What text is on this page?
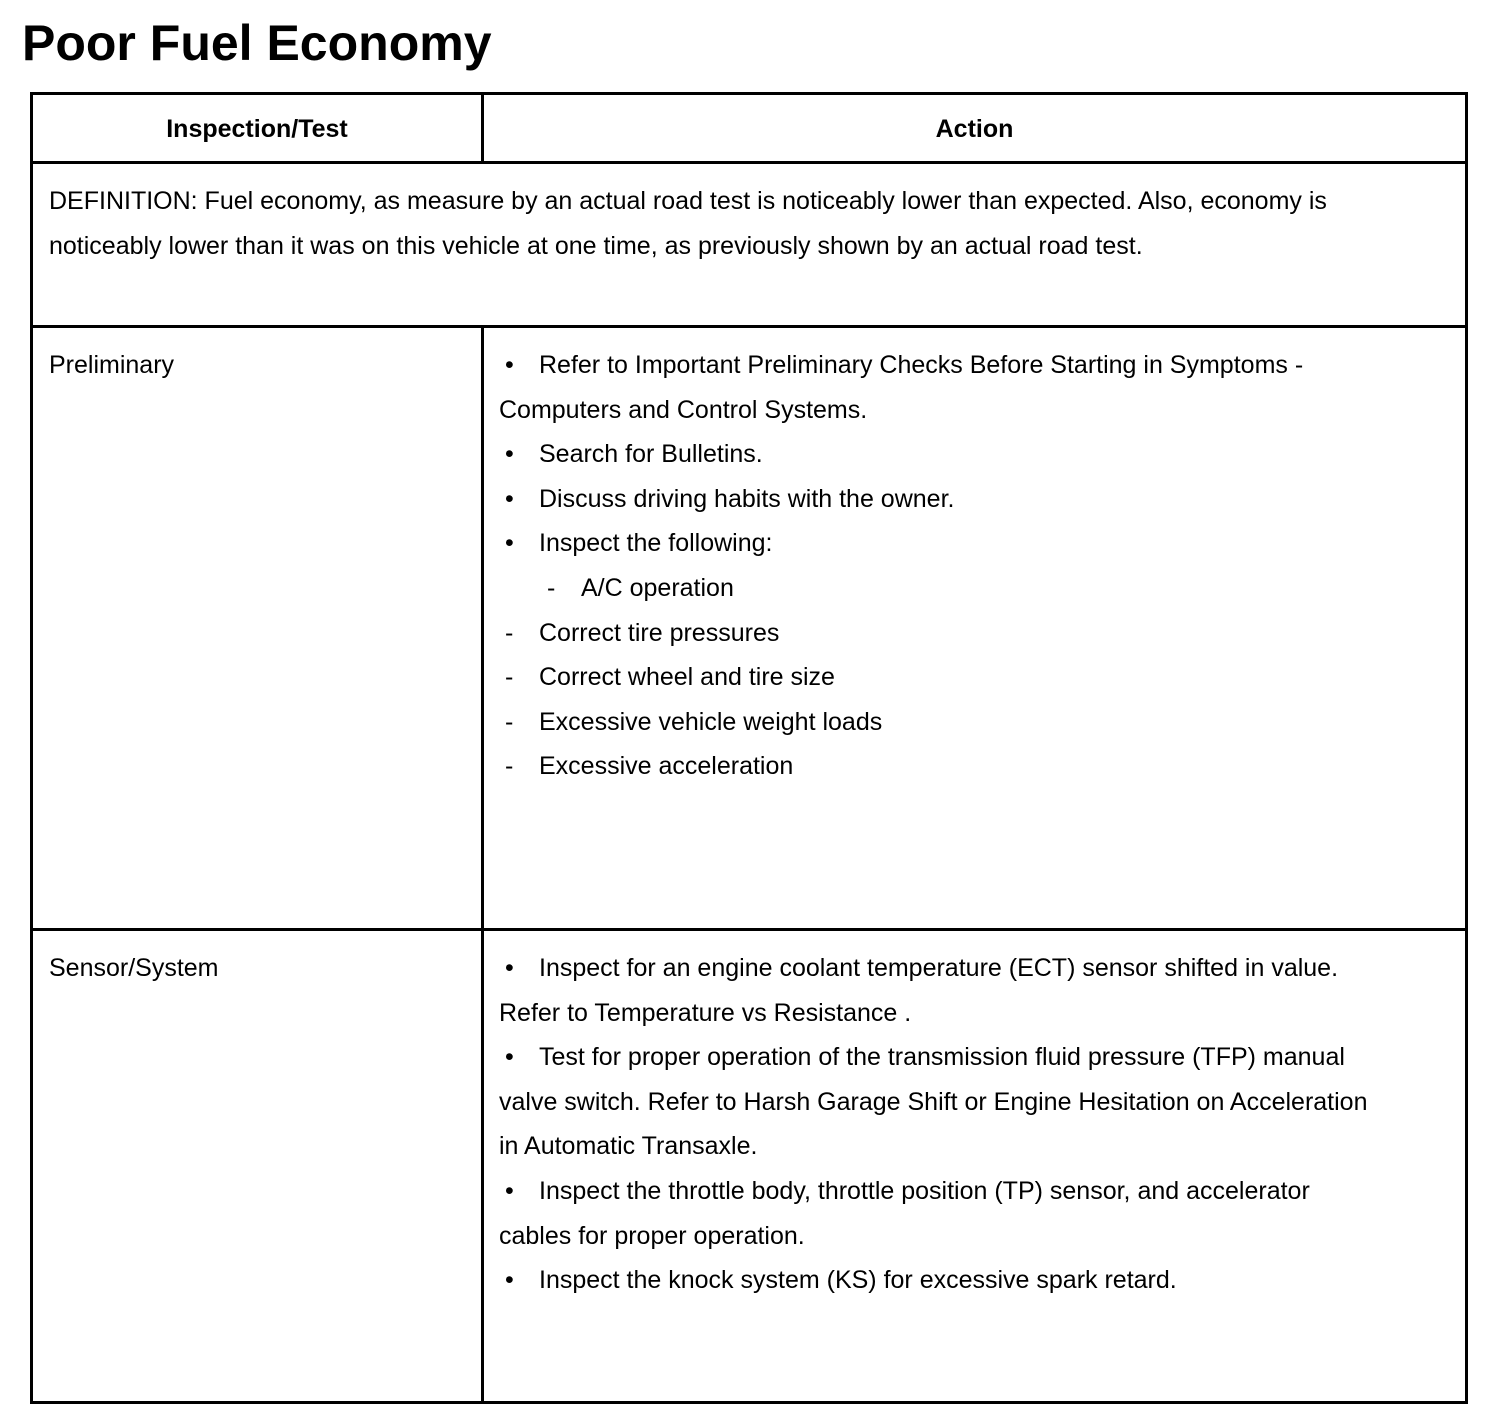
Poor Fuel Economy
Inspection/Test	Action
DEFINITION: Fuel economy, as measure by an actual road test is noticeably lower than expected. Also, economy is noticeably lower than it was on this vehicle at one time, as previously shown by an actual road test.
Preliminary	• Refer to Important Preliminary Checks Before Starting in Symptoms - Computers and Control Systems.
• Search for Bulletins.
• Discuss driving habits with the owner.
• Inspect the following:
- A/C operation
- Correct tire pressures
- Correct wheel and tire size
- Excessive vehicle weight loads
- Excessive acceleration
Sensor/System	• Inspect for an engine coolant temperature (ECT) sensor shifted in value. Refer to Temperature vs Resistance .
• Test for proper operation of the transmission fluid pressure (TFP) manual valve switch. Refer to Harsh Garage Shift or Engine Hesitation on Acceleration in Automatic Transaxle.
• Inspect the throttle body, throttle position (TP) sensor, and accelerator cables for proper operation.
• Inspect the knock system (KS) for excessive spark retard.
